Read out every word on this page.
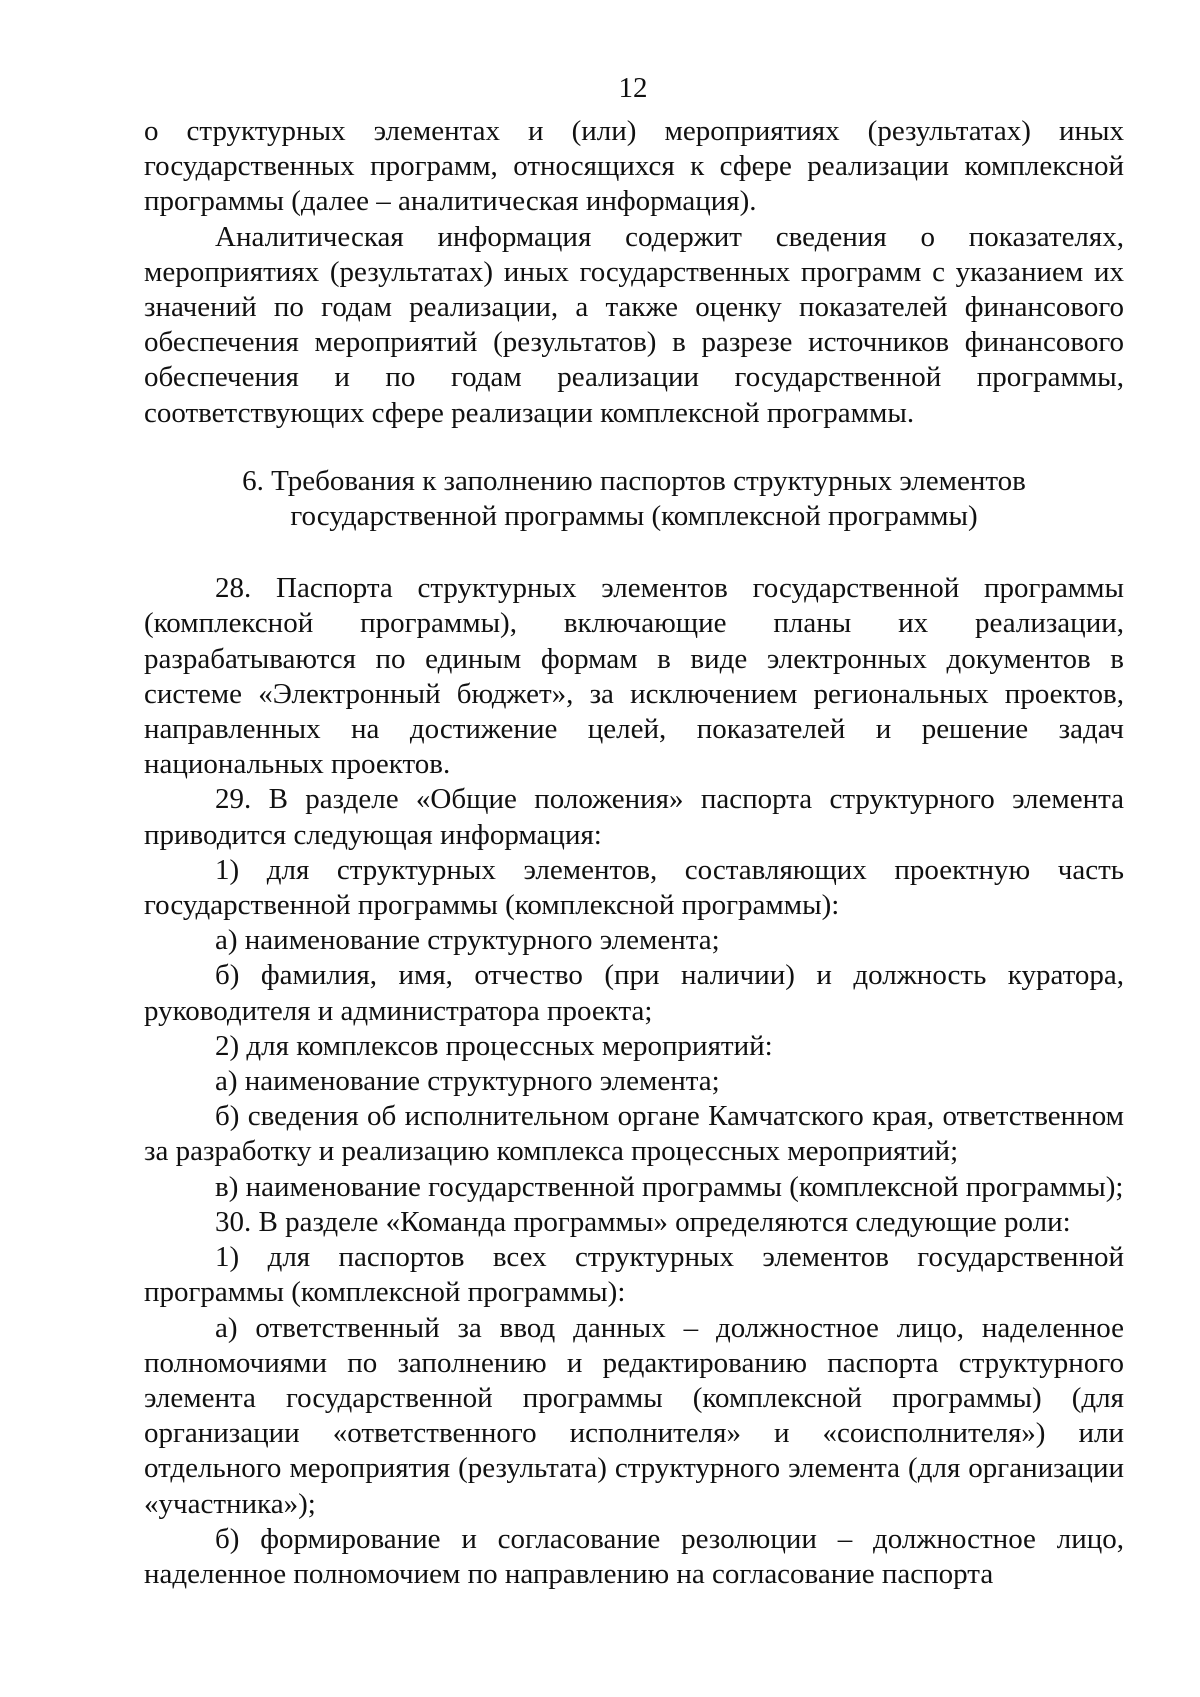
12

о структурных элементах и (или) мероприятиях (результатах) иных государственных программ, относящихся к сфере реализации комплексной программы (далее – аналитическая информация).

Аналитическая информация содержит сведения о показателях, мероприятиях (результатах) иных государственных программ с указанием их значений по годам реализации, а также оценку показателей финансового обеспечения мероприятий (результатов) в разрезе источников финансового обеспечения и по годам реализации государственной программы, соответствующих сфере реализации комплексной программы.

6. Требования к заполнению паспортов структурных элементов
государственной программы (комплексной программы)

28. Паспорта структурных элементов государственной программы (комплексной программы), включающие планы их реализации, разрабатываются по единым формам в виде электронных документов в системе «Электронный бюджет», за исключением региональных проектов, направленных на достижение целей, показателей и решение задач национальных проектов.

29. В разделе «Общие положения» паспорта структурного элемента приводится следующая информация:

1) для структурных элементов, составляющих проектную часть государственной программы (комплексной программы):

а) наименование структурного элемента;

б) фамилия, имя, отчество (при наличии) и должность куратора, руководителя и администратора проекта;

2) для комплексов процессных мероприятий:

а) наименование структурного элемента;

б) сведения об исполнительном органе Камчатского края, ответственном за разработку и реализацию комплекса процессных мероприятий;

в) наименование государственной программы (комплексной программы);

30. В разделе «Команда программы» определяются следующие роли:

1) для паспортов всех структурных элементов государственной программы (комплексной программы):

а) ответственный за ввод данных – должностное лицо, наделенное полномочиями по заполнению и редактированию паспорта структурного элемента государственной программы (комплексной программы) (для организации «ответственного исполнителя» и «соисполнителя») или отдельного мероприятия (результата) структурного элемента (для организации «участника»);

б) формирование и согласование резолюции – должностное лицо, наделенное полномочием по направлению на согласование паспорта
